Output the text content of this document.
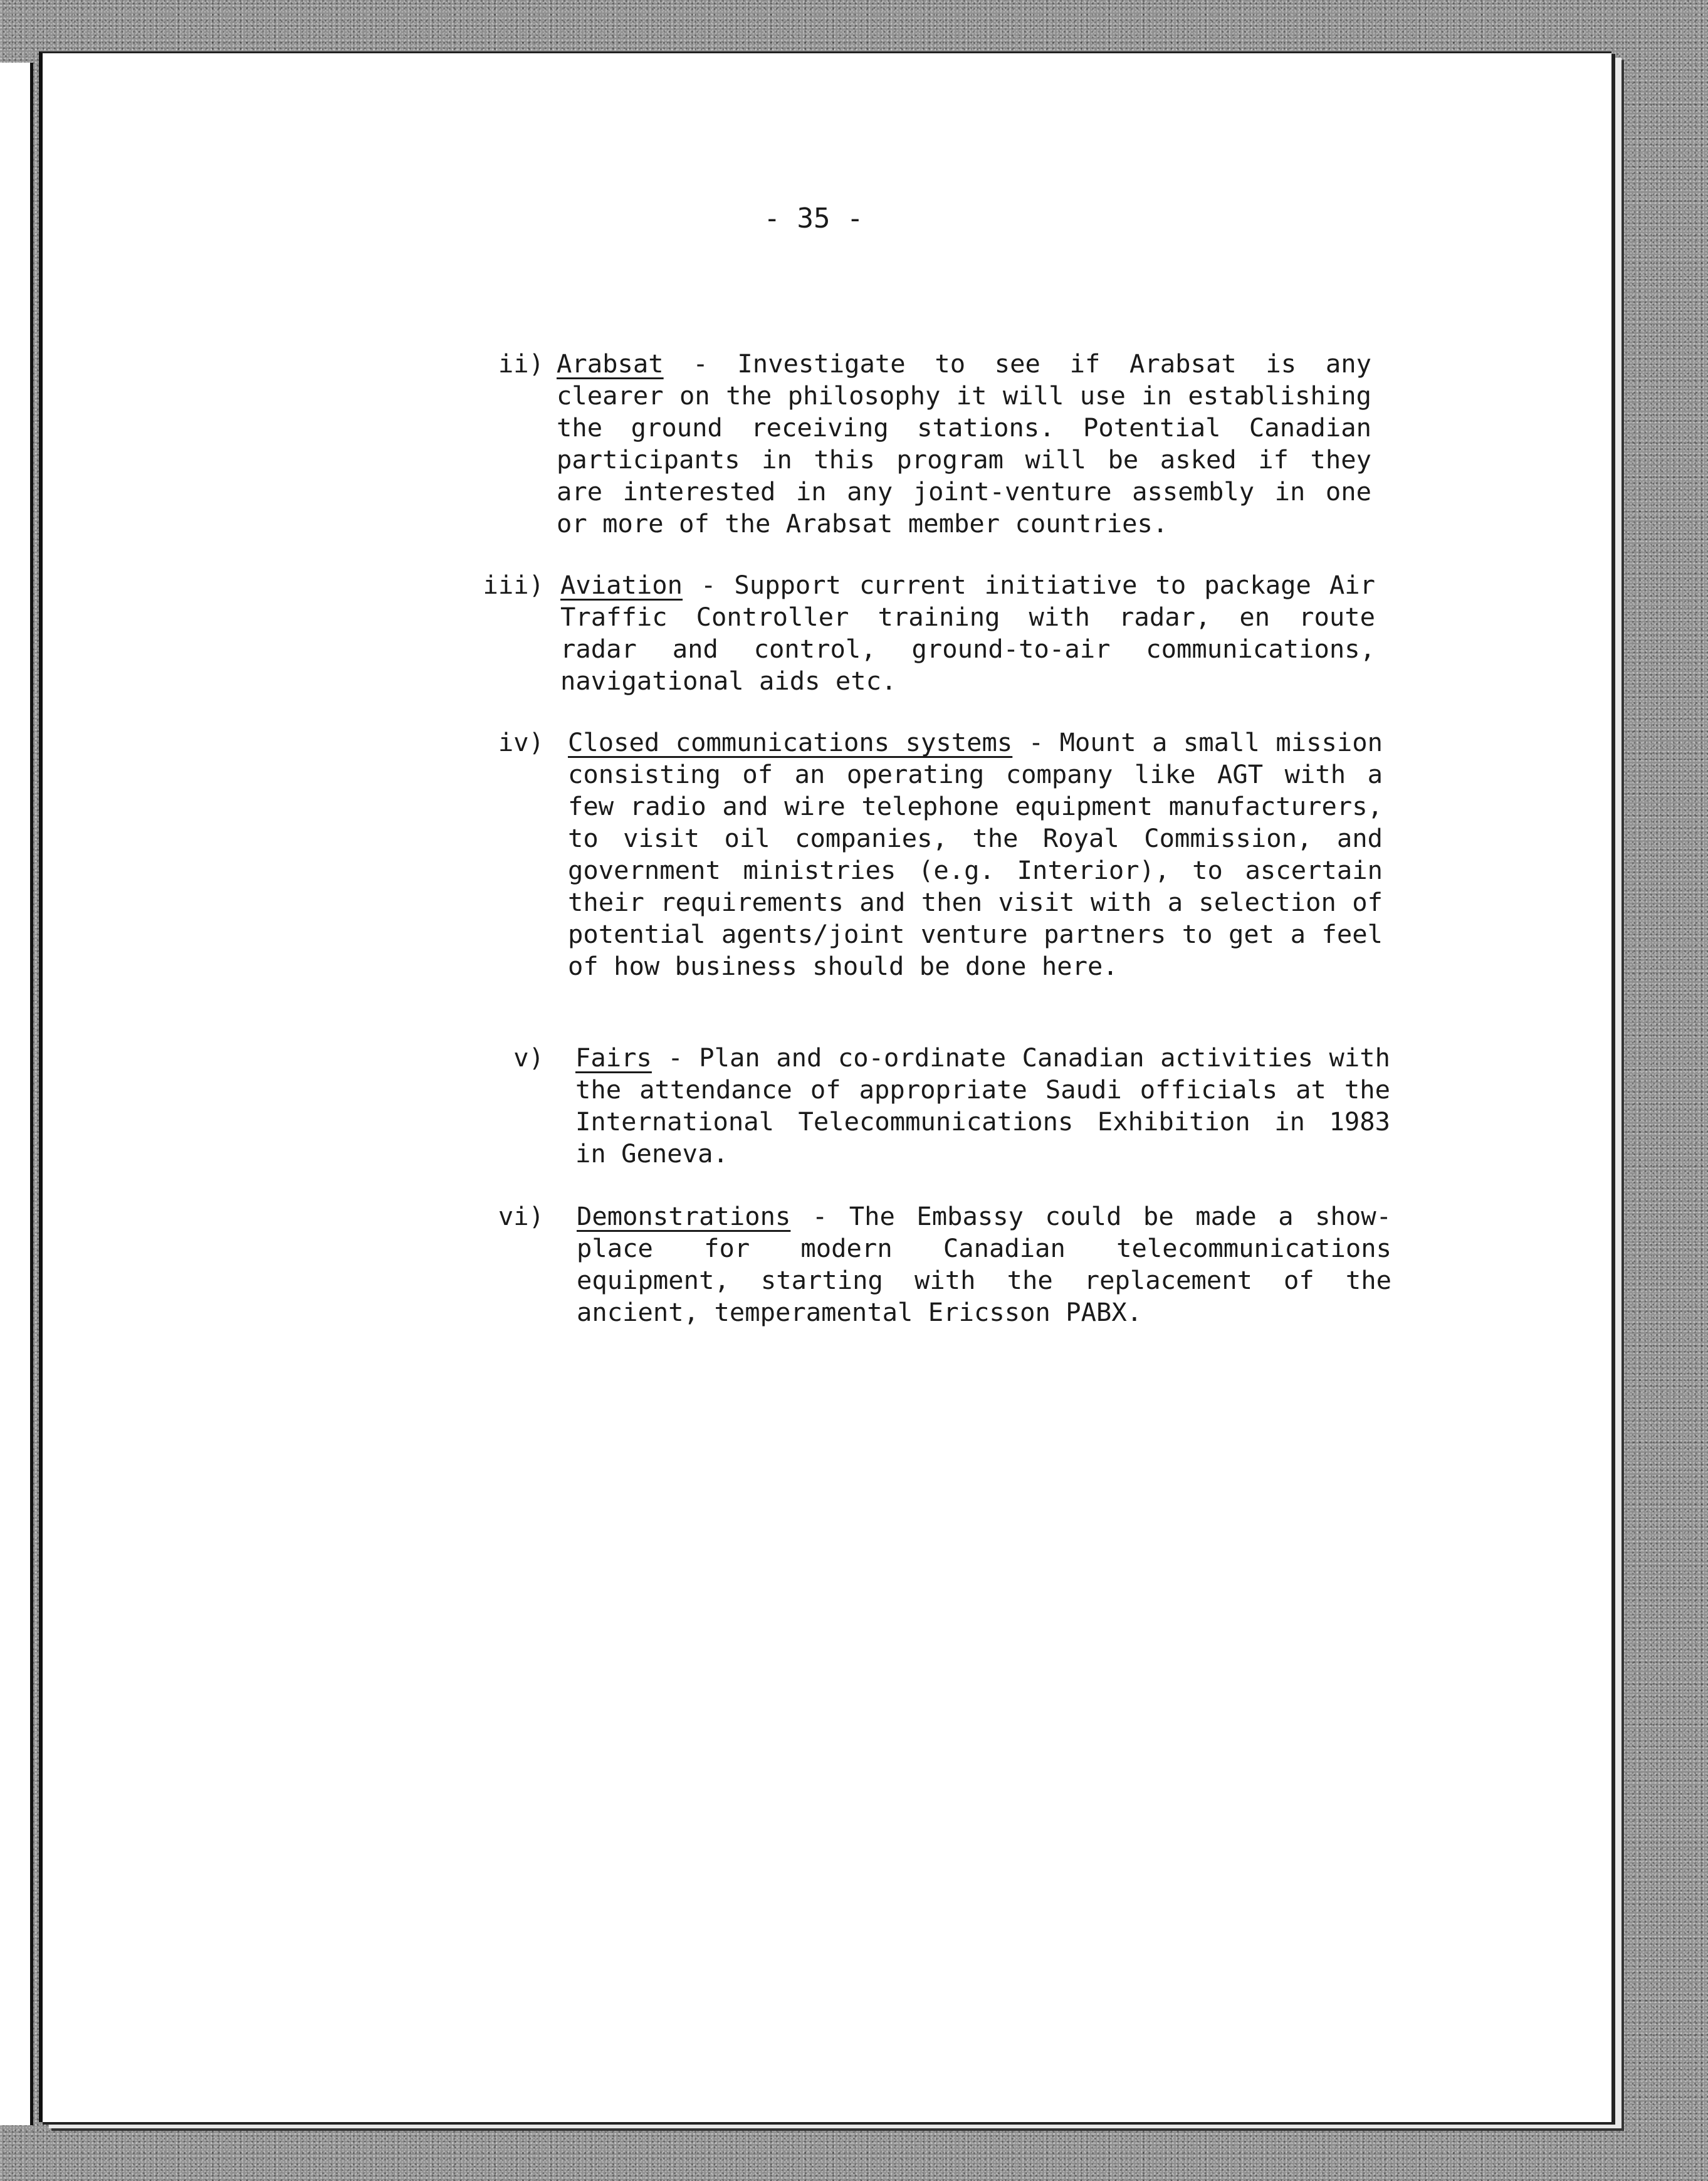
- 35 -
ii) Arabsat - Investigate to see if Arabsat is any clearer on the philosophy it will use in establishing the ground receiving stations. Potential Canadian participants in this program will be asked if they are interested in any joint-venture assembly in one or more of the Arabsat member countries.
iii) Aviation - Support current initiative to package Air Traffic Controller training with radar, en route radar and control, ground-to-air communications, navigational aids etc.
iv) Closed communications systems - Mount a small mission consisting of an operating company like AGT with a few radio and wire telephone equipment manufacturers, to visit oil companies, the Royal Commission, and government ministries (e.g. Interior), to ascertain their requirements and then visit with a selection of potential agents/joint venture partners to get a feel of how business should be done here.
v) Fairs - Plan and co-ordinate Canadian activities with the attendance of appropriate Saudi officials at the International Telecommunications Exhibition in 1983 in Geneva.
vi) Demonstrations - The Embassy could be made a show-place for modern Canadian telecommunications equipment, starting with the replacement of the ancient, temperamental Ericsson PABX.
